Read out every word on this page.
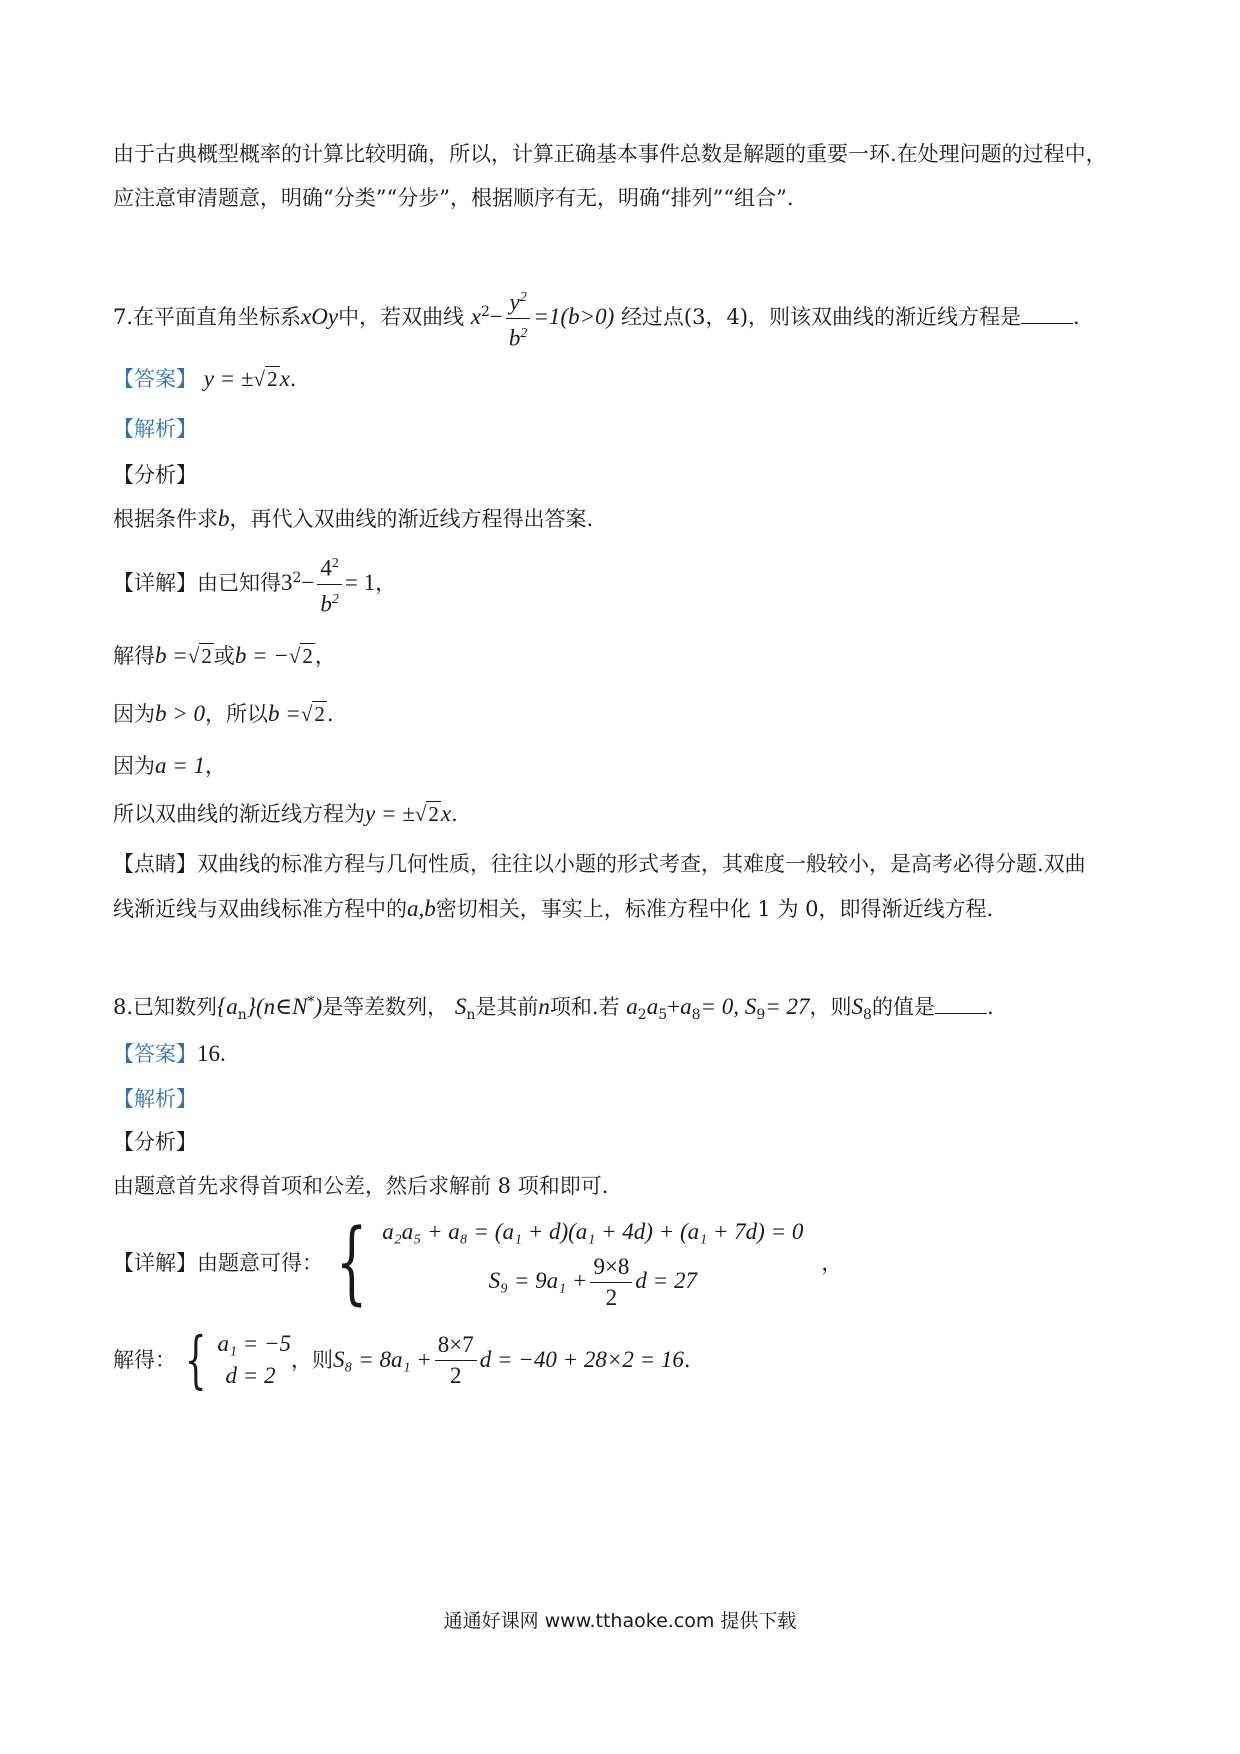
由于古典概型概率的计算比较明确，所以，计算正确基本事件总数是解题的重要一环.在处理问题的过程中，
应注意审清题意，明确“分类”“分步”，根据顺序有无，明确“排列”“组合”.
7.在平面直角坐标系xOy中，若双曲线 $x^2- \frac{y^2}{b^2} =1(b>0)$ 经过点(3，4)，则该双曲线的渐近线方程是 .
【答案】 y = ±√2x.
【解析】
【分析】
根据条件求b，再代入双曲线的渐近线方程得出答案.
【详解】由已知得$3^2- \frac{4^2}{b^2} = 1$，
解得b =√2或b = −√2，
因为b > 0，所以b =√2.
因为a = 1，
所以双曲线的渐近线方程为y = ±√2x.
【点睛】双曲线的标准方程与几何性质，往往以小题的形式考查，其难度一般较小，是高考必得分题.双曲
线渐近线与双曲线标准方程中的a,b密切相关，事实上，标准方程中化 1 为 0，即得渐近线方程.
8.已知数列$\{a_n\}(n\in N^*)$是等差数列， $S_n$是其前n项和.若 $a_2a_5+a_8= 0$, $S_9= 27$，则$S_8$的值是 .
【答案】16.
【解析】
【分析】
由题意首先求得首项和公差，然后求解前 8 项和即可.
【详解】 由题意可得： { a₂a₅ + a₈ = (a₁ + d)(a₁ + 4d) + (a₁ + 7d) = 0
$S_9 = 9a_1 + \frac{9\times 8}{2}$ d = 27
，
解得： { a₁ = −5
d = 2
，则 $S_8 = 8a_1 + \frac{8\times 7}{2}$ d = −40 + 28×2 = 16 .
通通好课网 www.tthaoke.com 提供下载
